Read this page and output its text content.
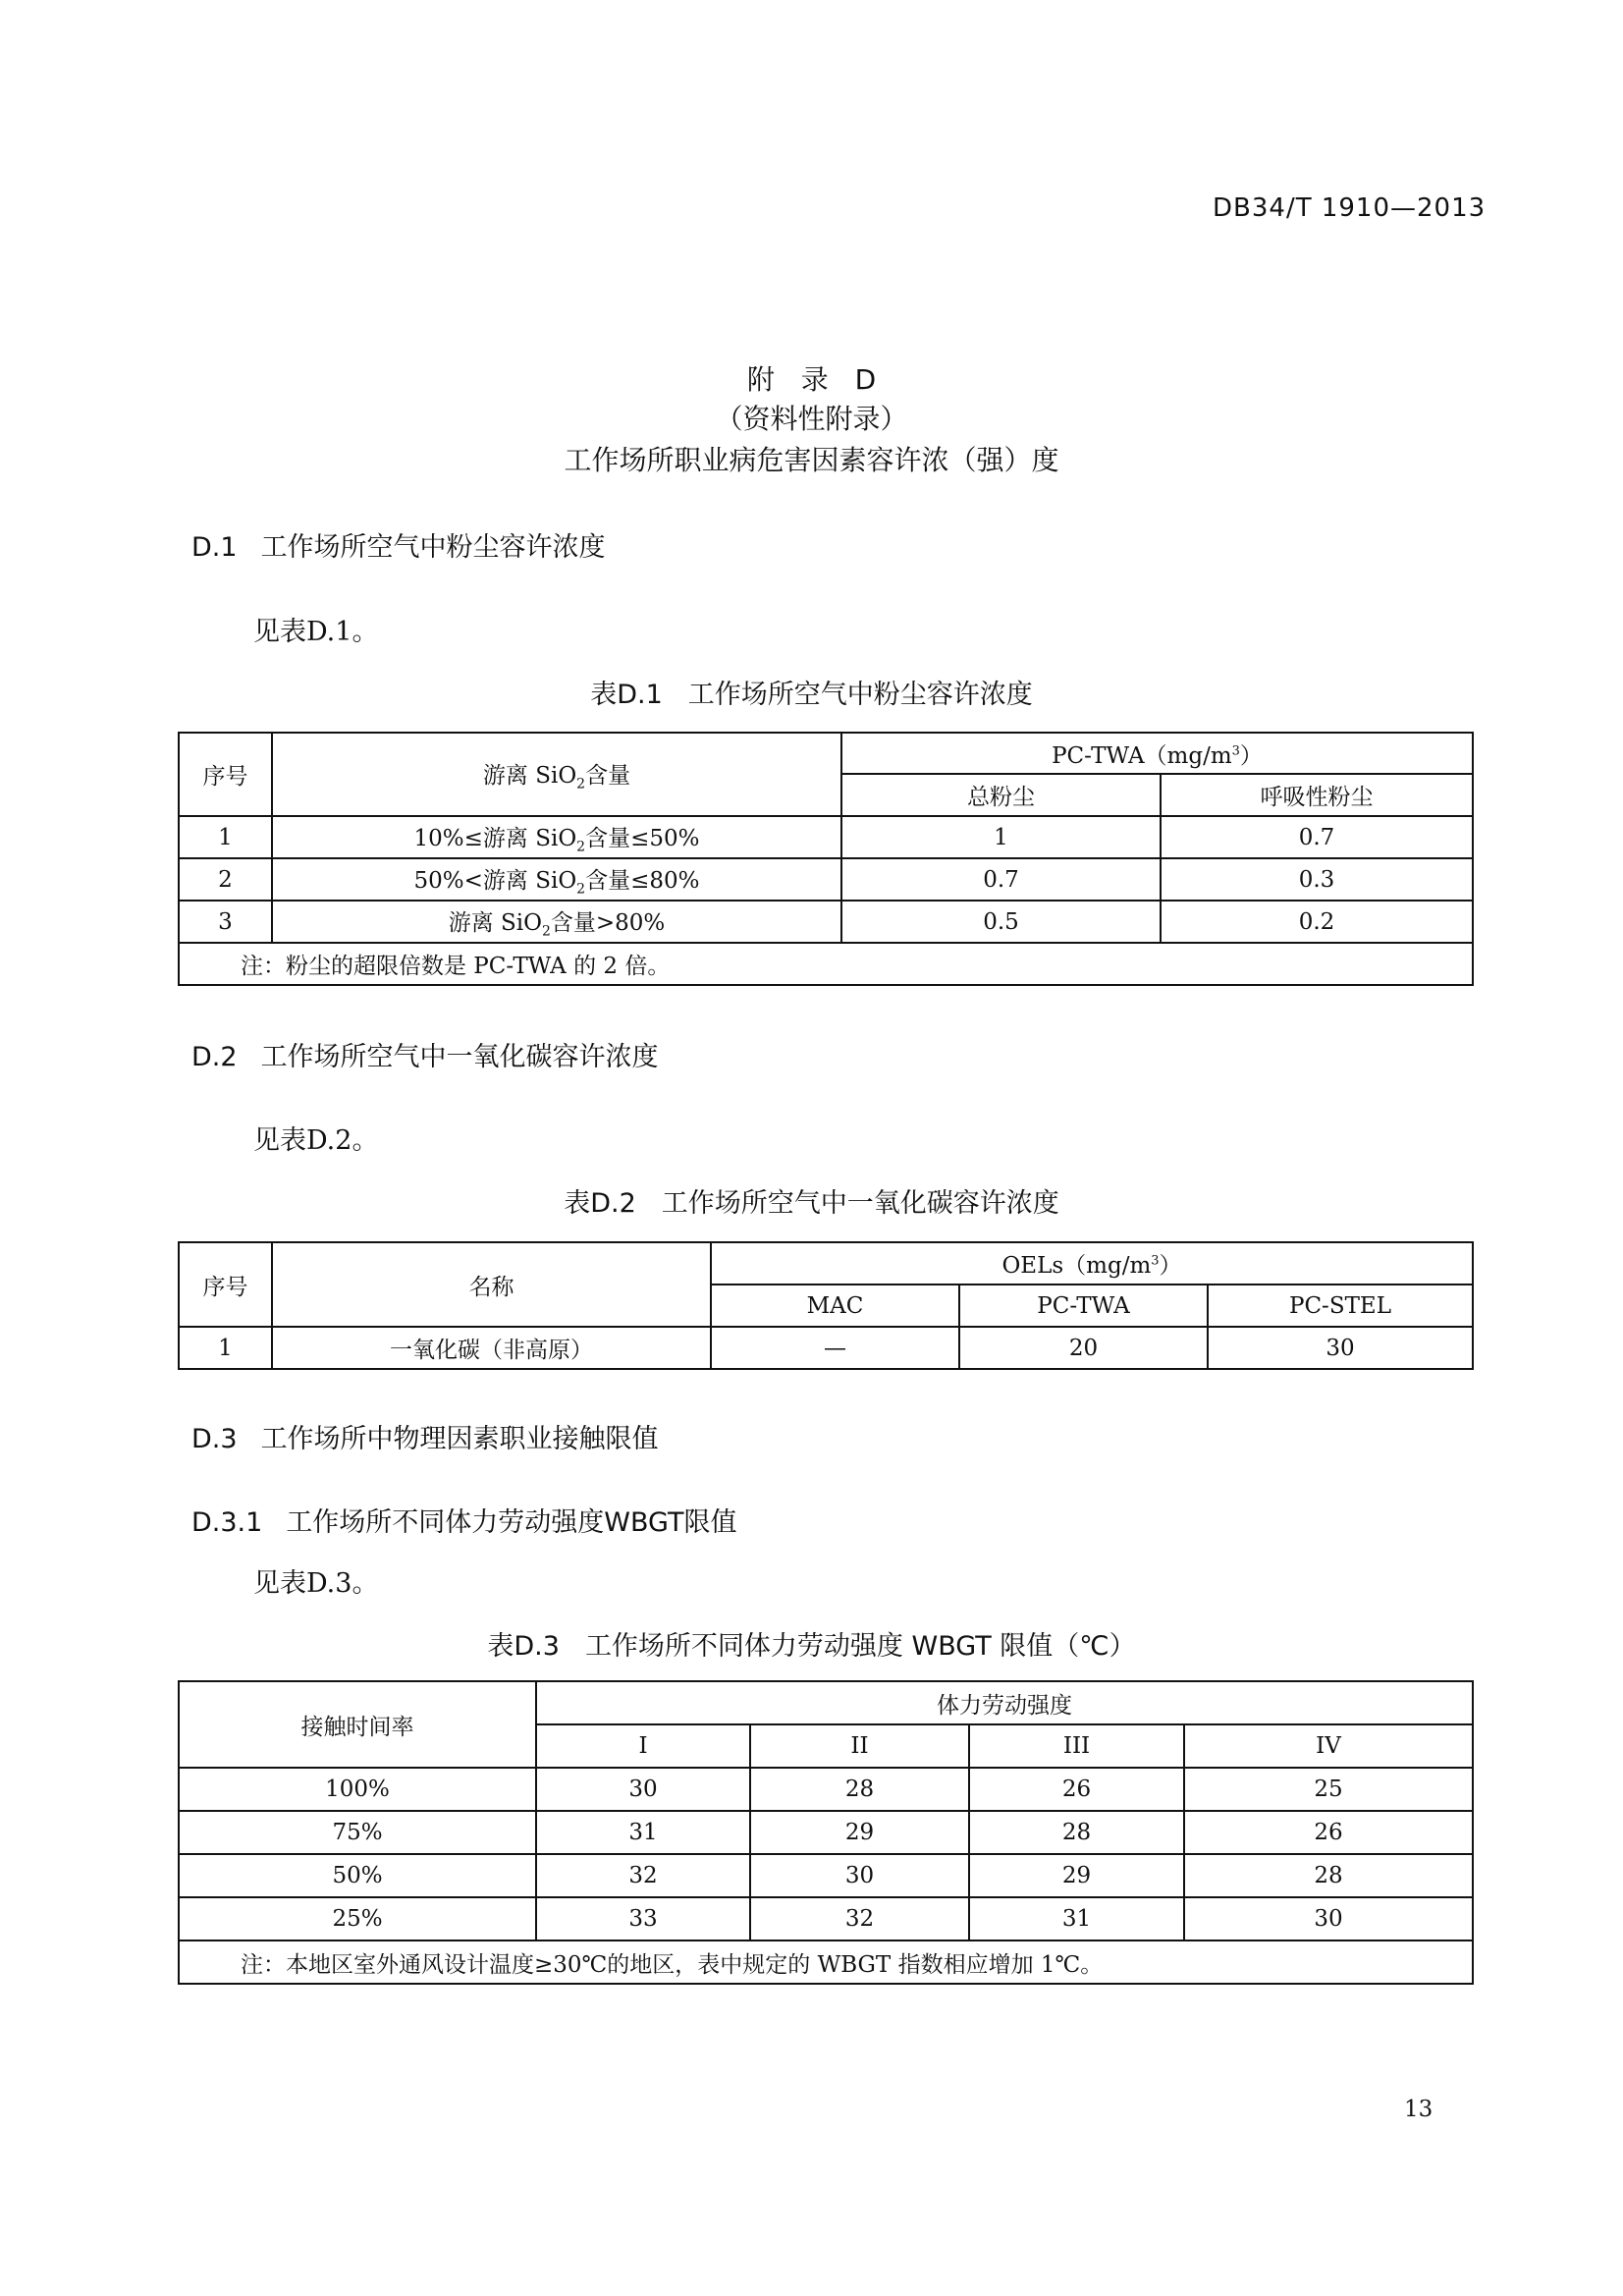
DB34/T 1910—2013
附 录 D
（资料性附录）
工作场所职业病危害因素容许浓（强）度
D.1 工作场所空气中粉尘容许浓度
见表D.1。
表D.1 工作场所空气中粉尘容许浓度
序号	游离 SiO$_2$含量	$PC-TWA(mg/m^3)$	
		总粉尘	呼吸性粉尘
1	10%≤游离 SiO$_2$含量≤50%	1	0.7
2	50%<游离 SiO$_2$含量≤80%	0.7	0.3
3	游离 SiO$_2$含量>80%	0.5	0.2
注：粉尘的超限倍数是 PC-TWA 的 2 倍。			
D.2 工作场所空气中一氧化碳容许浓度
见表D.2。
表D.2 工作场所空气中一氧化碳容许浓度
序号	名称	$OELs(mg/m^3)$		
		MAC	PC-TWA	PC-STEL
1	一氧化碳（非高原）	—	20	30
D.3 工作场所中物理因素职业接触限值
D.3.1 工作场所不同体力劳动强度WBGT限值
见表D.3。
表D.3 工作场所不同体力劳动强度 WBGT 限值（℃）
接触时间率	体力劳动强度			
	I	II	III	IV
100%	30	28	26	25
75%	31	29	28	26
50%	32	30	29	28
25%	33	32	31	30
注：本地区室外通风设计温度≥30℃的地区，表中规定的 WBGT 指数相应增加 1℃。				
13
